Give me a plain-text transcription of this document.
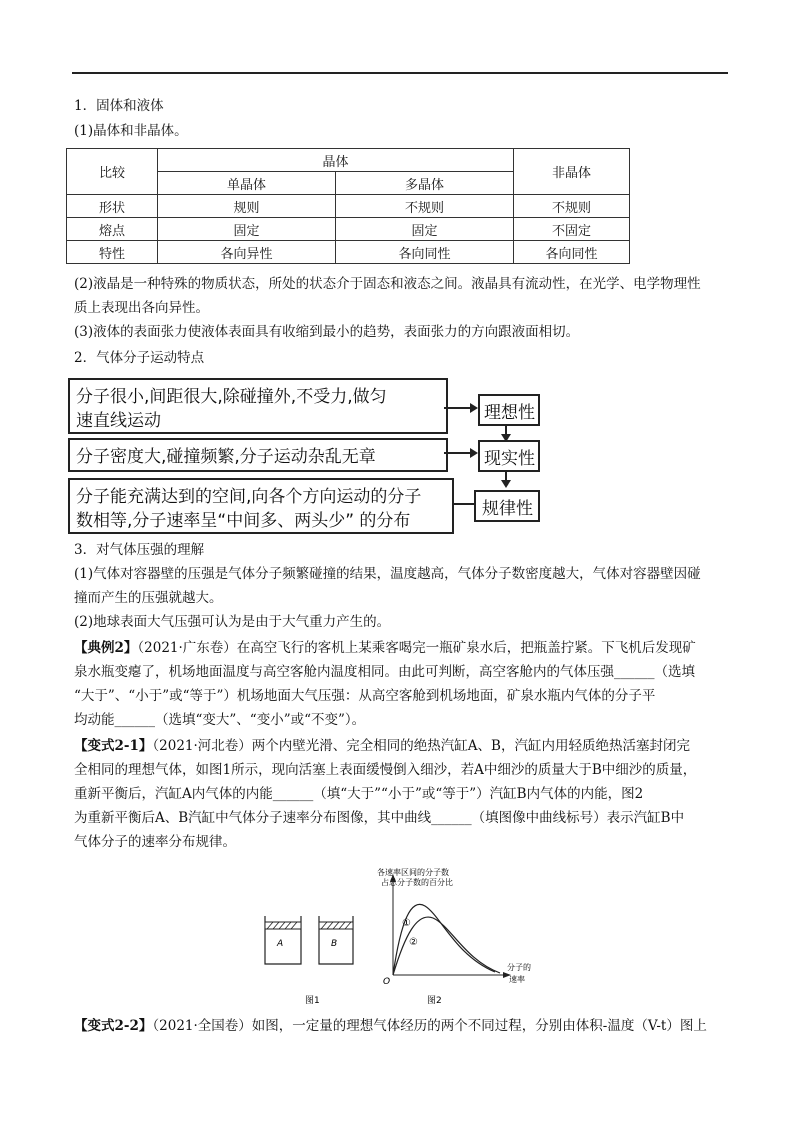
1．固体和液体
(1)晶体和非晶体。
比较	晶体		非晶体
	单晶体	多晶体	
形状	规则	不规则	不规则
熔点	固定	固定	不固定
特性	各向异性	各向同性	各向同性
(2)液晶是一种特殊的物质状态，所处的状态介于固态和液态之间。液晶具有流动性，在光学、电学物理性
质上表现出各向异性。
(3)液体的表面张力使液体表面具有收缩到最小的趋势，表面张力的方向跟液面相切。
2．气体分子运动特点
分子很小,间距很大,除碰撞外,不受力,做匀
速直线运动
分子密度大,碰撞频繁,分子运动杂乱无章
分子能充满达到的空间,向各个方向运动的分子
数相等,分子速率呈“中间多、两头少” 的分布
理想性
现实性
规律性
3．对气体压强的理解
(1)气体对容器壁的压强是气体分子频繁碰撞的结果，温度越高，气体分子数密度越大，气体对容器壁因碰
撞而产生的压强就越大。
(2)地球表面大气压强可认为是由于大气重力产生的。
【典例2】（2021·广东卷）在高空飞行的客机上某乘客喝完一瓶矿泉水后，把瓶盖拧紧。下飞机后发现矿
泉水瓶变瘪了，机场地面温度与高空客舱内温度相同。由此可判断，高空客舱内的气体压强______（选填
“大于”、“小于”或“等于”）机场地面大气压强：从高空客舱到机场地面，矿泉水瓶内气体的分子平
均动能______（选填“变大”、“变小”或“不变”）。
【变式2-1】（2021·河北卷）两个内壁光滑、完全相同的绝热汽缸A、B，汽缸内用轻质绝热活塞封闭完
全相同的理想气体，如图1所示，现向活塞上表面缓慢倒入细沙，若A中细沙的质量大于B中细沙的质量，
重新平衡后，汽缸A内气体的内能______（填“大于”“小于”或“等于”）汽缸B内气体的内能，图2
为重新平衡后A、B汽缸中气体分子速率分布图像，其中曲线______（填图像中曲线标号）表示汽缸B中
气体分子的速率分布规律。
A	B
各速率区间的分子数
占总分子数的百分比
分子的
速率
O
①
②
图1	图2
【变式2-2】（2021·全国卷）如图，一定量的理想气体经历的两个不同过程，分别由体积-温度（V-t）图上
